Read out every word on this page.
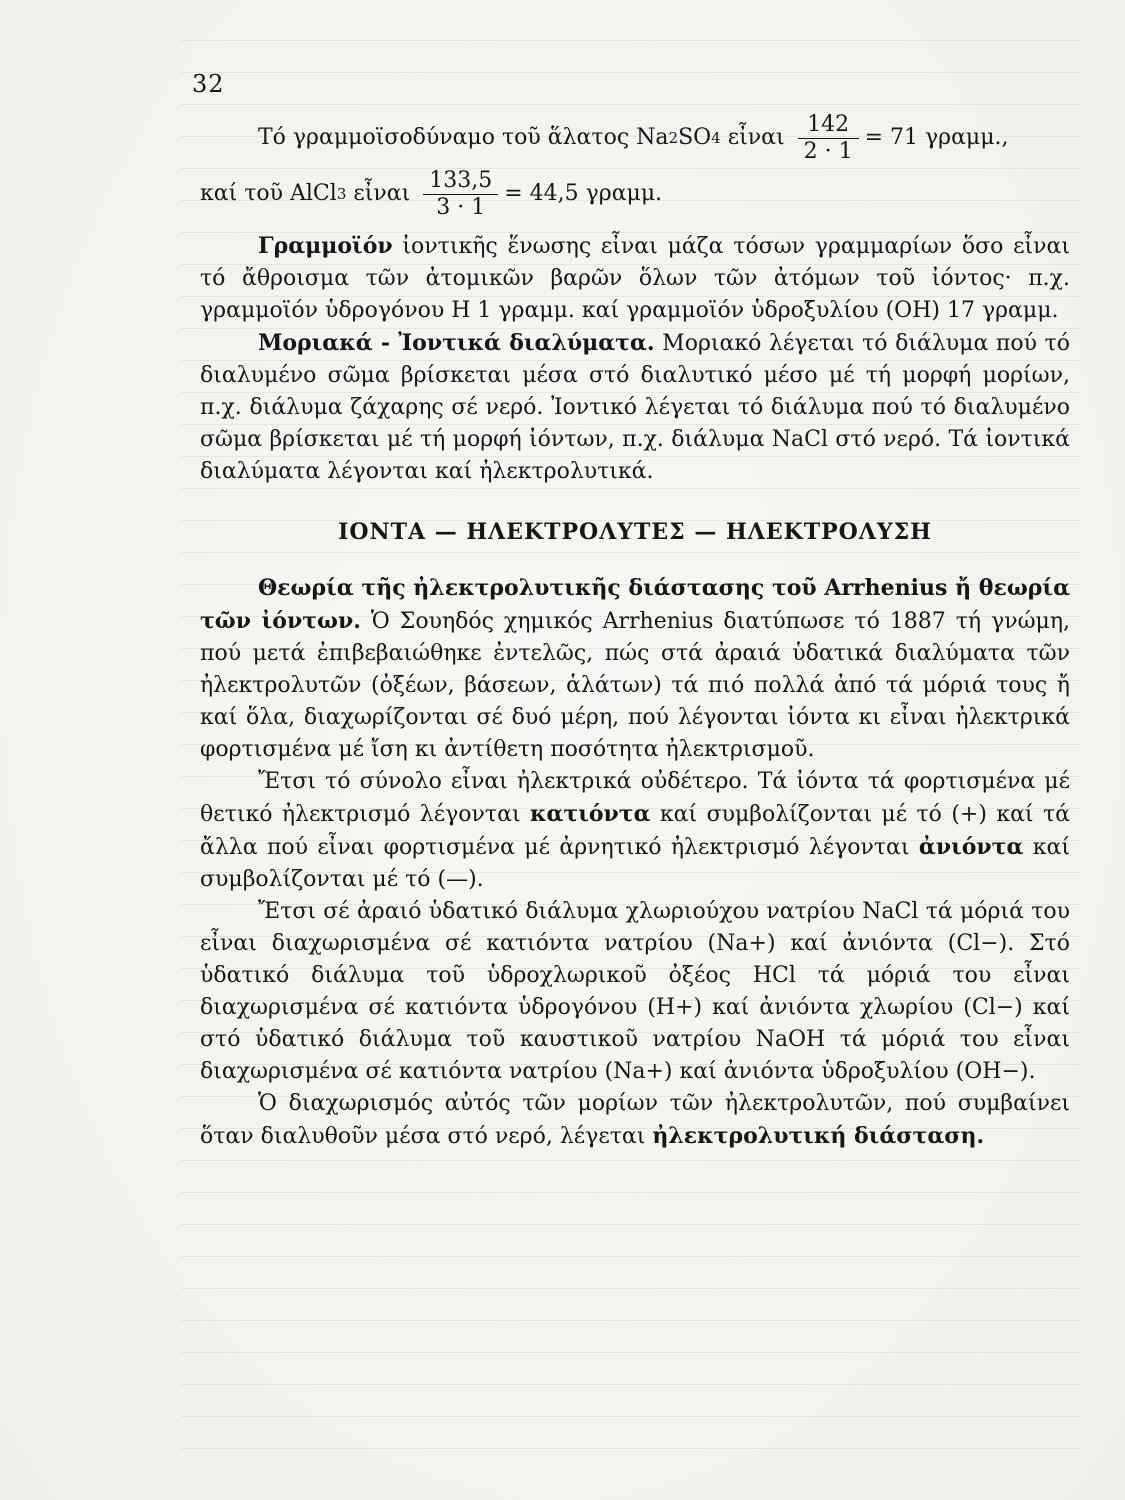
32
Τό γραμμοϊσοδύναμο τοῦ ἅλατος Na 2 SO 4 εἶναι $\frac{142}{2 \cdot 1} = 71$ γραμμ.,
καί τοῦ AlCl 3 εἶναι $\frac{133,5}{3 \cdot 1} = 44,5$ γραμμ.

Γραμμοϊόν ἰοντικῆς ἕνωσης εἶναι μάζα τόσων γραμμαρίων ὅσο εἶναι τό ἄθροισμα τῶν ἀτομικῶν βαρῶν ὅλων τῶν ἀτόμων τοῦ ἰόντος· π.χ. γραμμοϊόν ὑδρογόνου H 1 γραμμ. καί γραμμοϊόν ὑδροξυλίου (OH) 17 γραμμ.

Μοριακά - Ἰοντικά διαλύματα. Μοριακό λέγεται τό διάλυμα πού τό διαλυμένο σῶμα βρίσκεται μέσα στό διαλυτικό μέσο μέ τή μορφή μορίων, π.χ. διάλυμα ζάχαρης σέ νερό. Ἰοντικό λέγεται τό διάλυμα πού τό διαλυμένο σῶμα βρίσκεται μέ τή μορφή ἰόντων, π.χ. διάλυμα NaCl στό νερό. Τά ἰοντικά διαλύματα λέγονται καί ἠλεκτρολυτικά.

ΙΟΝΤΑ — ΗΛΕΚΤΡΟΛΥΤΕΣ — ΗΛΕΚΤΡΟΛΥΣΗ

Θεωρία τῆς ἠλεκτρολυτικῆς διάστασης τοῦ Arrhenius ἤ θεωρία τῶν ἰόντων. Ὁ Σουηδός χημικός Arrhenius διατύπωσε τό 1887 τή γνώμη, πού μετά ἐπιβεβαιώθηκε ἐντελῶς, πώς στά ἀραιά ὑδατικά διαλύματα τῶν ἠλεκτρολυτῶν (ὀξέων, βάσεων, ἁλάτων) τά πιό πολλά ἀπό τά μόριά τους ἤ καί ὅλα, διαχωρίζονται σέ δυό μέρη, πού λέγονται ἰόντα κι εἶναι ἠλεκτρικά φορτισμένα μέ ἴση κι ἀντίθετη ποσότητα ἠλεκτρισμοῦ.

Ἔτσι τό σύνολο εἶναι ἠλεκτρικά οὐδέτερο. Τά ἰόντα τά φορτισμένα μέ θετικό ἠλεκτρισμό λέγονται κατιόντα καί συμβολίζονται μέ τό (+) καί τά ἄλλα πού εἶναι φορτισμένα μέ ἀρνητικό ἠλεκτρισμό λέγονται ἀνιόντα καί συμβολίζονται μέ τό (—).

Ἔτσι σέ ἀραιό ὑδατικό διάλυμα χλωριούχου νατρίου NaCl τά μόριά του εἶναι διαχωρισμένα σέ κατιόντα νατρίου (Na+) καί ἀνιόντα (Cl−). Στό ὑδατικό διάλυμα τοῦ ὑδροχλωρικοῦ ὀξέος HCl τά μόριά του εἶναι διαχωρισμένα σέ κατιόντα ὑδρογόνου (H+) καί ἀνιόντα χλωρίου (Cl−) καί στό ὑδατικό διάλυμα τοῦ καυστικοῦ νατρίου NaOH τά μόριά του εἶναι διαχωρισμένα σέ κατιόντα νατρίου (Na+) καί ἀνιόντα ὑδροξυλίου (OH−).

Ὁ διαχωρισμός αὐτός τῶν μορίων τῶν ἠλεκτρολυτῶν, πού συμβαίνει ὅταν διαλυθοῦν μέσα στό νερό, λέγεται ἠλεκτρολυτική διάσταση.
